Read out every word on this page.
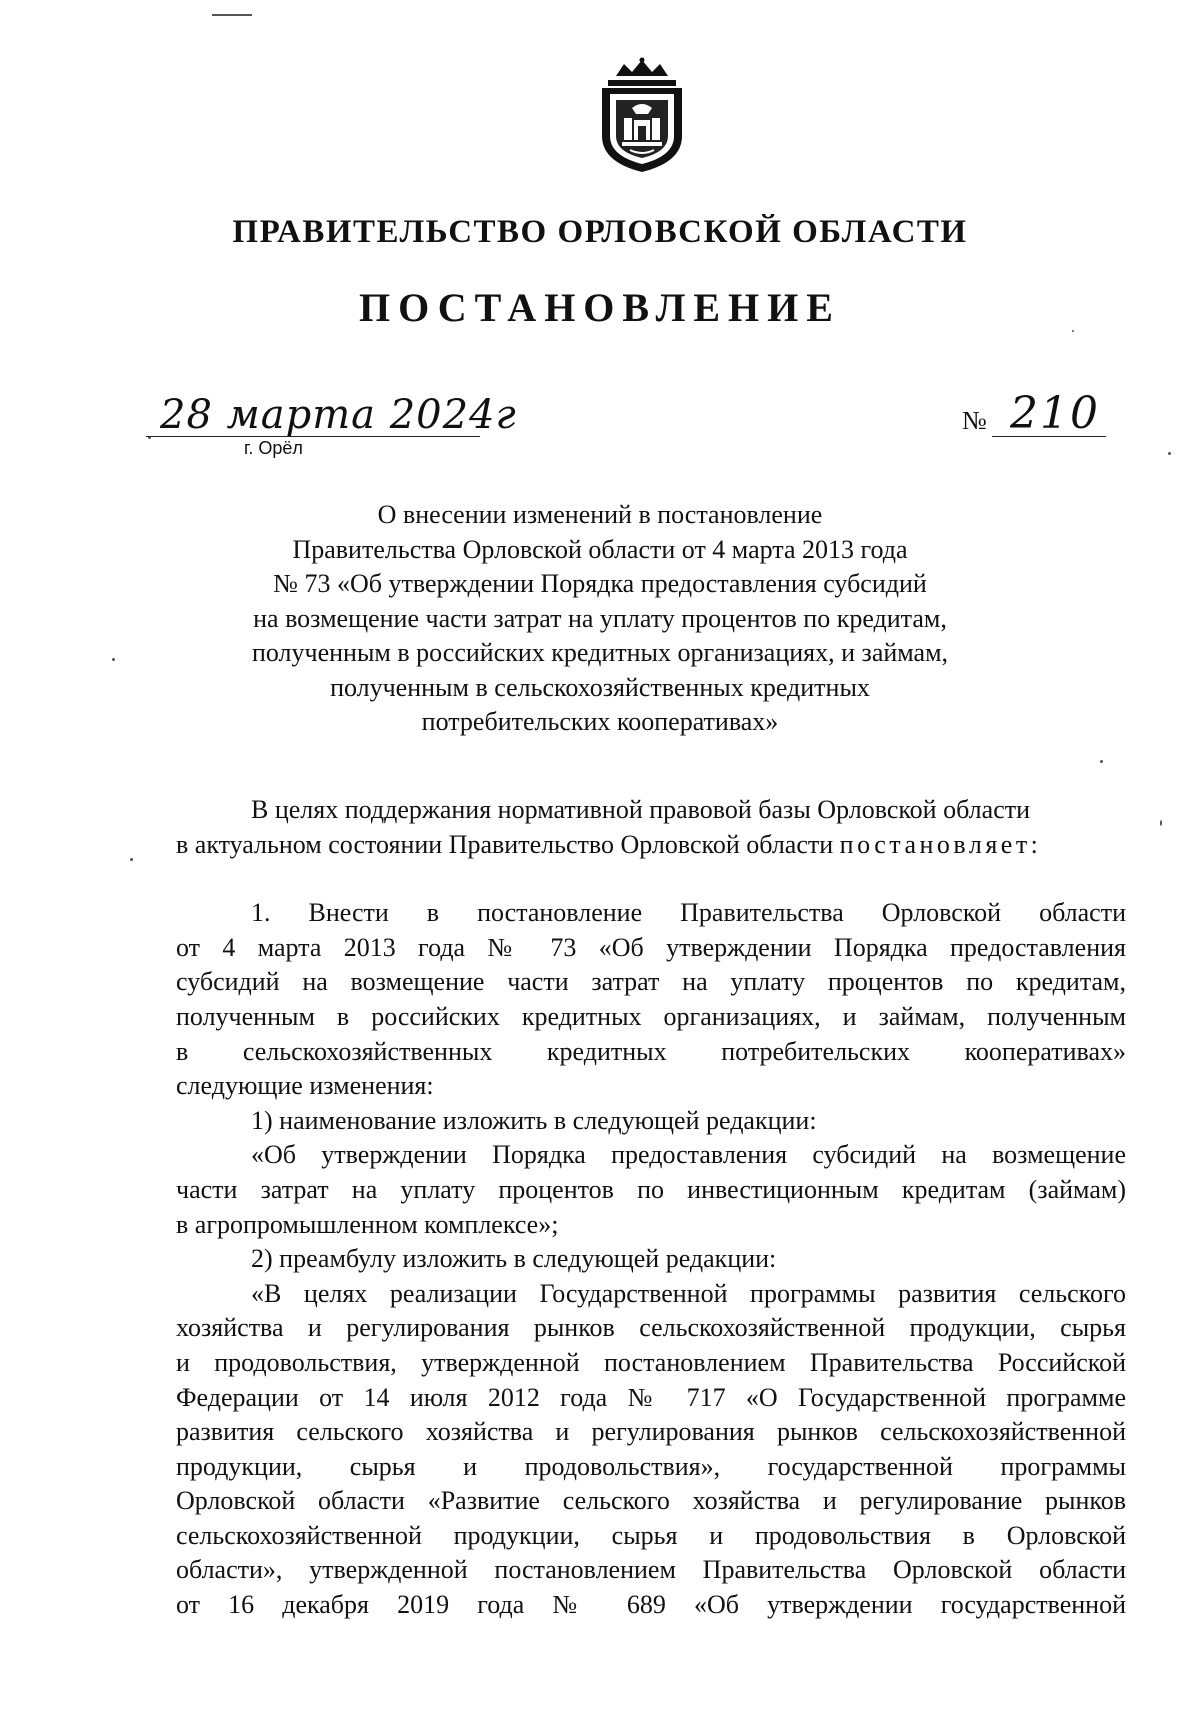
ПРАВИТЕЛЬСТВО ОРЛОВСКОЙ ОБЛАСТИ
ПОСТАНОВЛЕНИЕ
28 марта 2024г
г. Орёл
№ 210
О внесении изменений в постановление
Правительства Орловской области от 4 марта 2013 года
№ 73 «Об утверждении Порядка предоставления субсидий
на возмещение части затрат на уплату процентов по кредитам,
полученным в российских кредитных организациях, и займам,
полученным в сельскохозяйственных кредитных
потребительских кооперативах»
В целях поддержания нормативной правовой базы Орловской области
в актуальном состоянии Правительство Орловской области постановляет:
1. Внести в постановление Правительства Орловской области
от 4 марта 2013 года № 73 «Об утверждении Порядка предоставления
субсидий на возмещение части затрат на уплату процентов по кредитам,
полученным в российских кредитных организациях, и займам, полученным
в сельскохозяйственных кредитных потребительских кооперативах»
следующие изменения:
1) наименование изложить в следующей редакции:
«Об утверждении Порядка предоставления субсидий на возмещение
части затрат на уплату процентов по инвестиционным кредитам (займам)
в агропромышленном комплексе»;
2) преамбулу изложить в следующей редакции:
«В целях реализации Государственной программы развития сельского
хозяйства и регулирования рынков сельскохозяйственной продукции, сырья
и продовольствия, утвержденной постановлением Правительства Российской
Федерации от 14 июля 2012 года № 717 «О Государственной программе
развития сельского хозяйства и регулирования рынков сельскохозяйственной
продукции, сырья и продовольствия», государственной программы
Орловской области «Развитие сельского хозяйства и регулирование рынков
сельскохозяйственной продукции, сырья и продовольствия в Орловской
области», утвержденной постановлением Правительства Орловской области
от 16 декабря 2019 года № 689 «Об утверждении государственной
